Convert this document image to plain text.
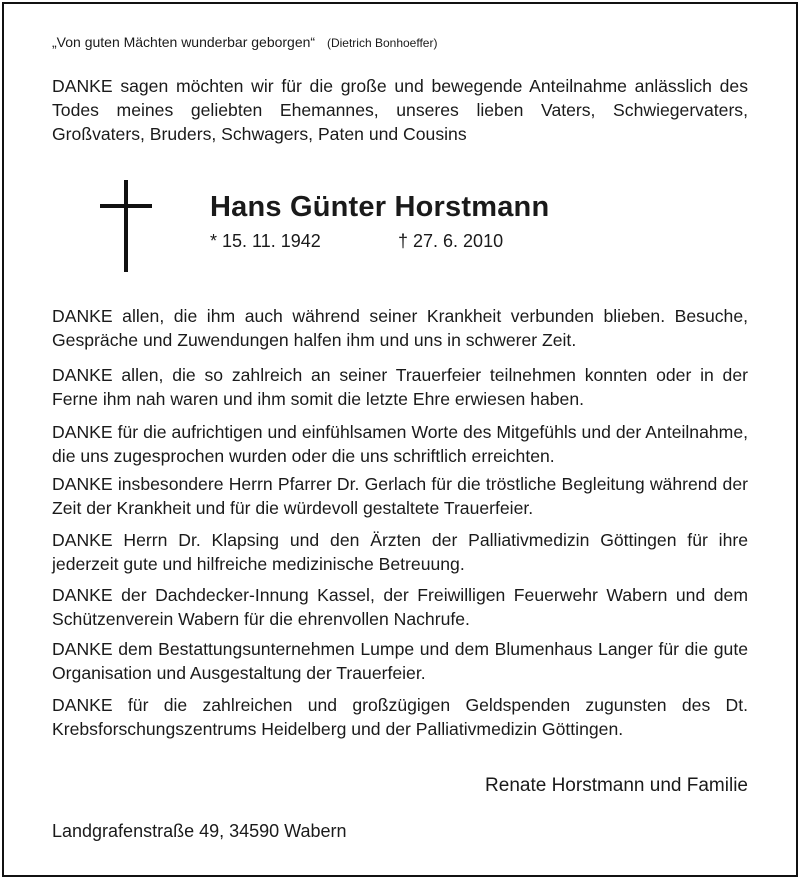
„Von guten Mächten wunderbar geborgen“ (Dietrich Bonhoeffer)

DANKE sagen möchten wir für die große und bewegende Anteilnahme anlässlich des Todes meines geliebten Ehemannes, unseres lieben Vaters, Schwiegervaters, Großvaters, Bruders, Schwagers, Paten und Cousins

Hans Günter Horstmann
* 15. 11. 1942	† 27. 6. 2010

DANKE allen, die ihm auch während seiner Krankheit verbunden blieben. Besuche, Gespräche und Zuwendungen halfen ihm und uns in schwerer Zeit.

DANKE allen, die so zahlreich an seiner Trauerfeier teilnehmen konnten oder in der Ferne ihm nah waren und ihm somit die letzte Ehre erwiesen haben.

DANKE für die aufrichtigen und einfühlsamen Worte des Mitgefühls und der Anteilnahme, die uns zugesprochen wurden oder die uns schriftlich erreichten.

DANKE insbesondere Herrn Pfarrer Dr. Gerlach für die tröstliche Begleitung während der Zeit der Krankheit und für die würdevoll gestaltete Trauerfeier.

DANKE Herrn Dr. Klapsing und den Ärzten der Palliativmedizin Göttingen für ihre jederzeit gute und hilfreiche medizinische Betreuung.

DANKE der Dachdecker-Innung Kassel, der Freiwilligen Feuerwehr Wabern und dem Schützenverein Wabern für die ehrenvollen Nachrufe.

DANKE dem Bestattungsunternehmen Lumpe und dem Blumenhaus Langer für die gute Organisation und Ausgestaltung der Trauerfeier.

DANKE für die zahlreichen und großzügigen Geldspenden zugunsten des Dt. Krebsforschungszentrums Heidelberg und der Palliativmedizin Göttingen.

Renate Horstmann und Familie
Landgrafenstraße 49, 34590 Wabern
